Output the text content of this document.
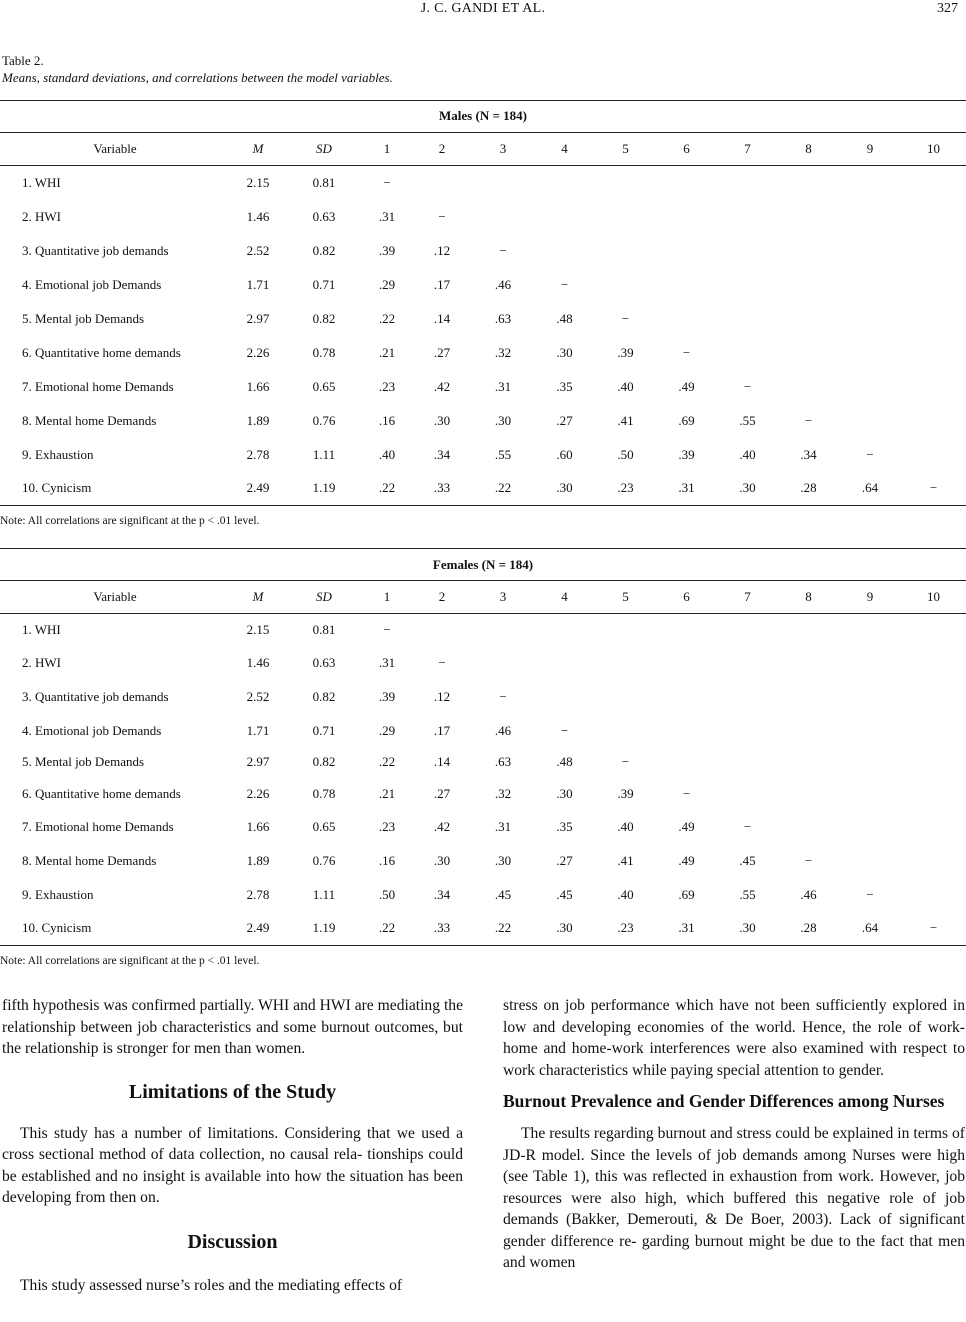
J. C. GANDI ET AL.	327
Table 2.
Means, standard deviations, and correlations between the model variables.
Males (N = 184)
Variable	M	SD	1	2	3	4	5	6	7	8	9	10
1. WHI	2.15	0.81	−									
2. HWI	1.46	0.63	.31	−								
3. Quantitative job demands	2.52	0.82	.39	.12	−							
4. Emotional job Demands	1.71	0.71	.29	.17	.46	−						
5. Mental job Demands	2.97	0.82	.22	.14	.63	.48	−					
6. Quantitative home demands	2.26	0.78	.21	.27	.32	.30	.39	−				
7. Emotional home Demands	1.66	0.65	.23	.42	.31	.35	.40	.49	−			
8. Mental home Demands	1.89	0.76	.16	.30	.30	.27	.41	.69	.55	−		
9. Exhaustion	2.78	1.11	.40	.34	.55	.60	.50	.39	.40	.34	−	
10. Cynicism	2.49	1.19	.22	.33	.22	.30	.23	.31	.30	.28	.64	−
Note: All correlations are significant at the p < .01 level.
Females (N = 184)
Variable	M	SD	1	2	3	4	5	6	7	8	9	10
1. WHI	2.15	0.81	−									
2. HWI	1.46	0.63	.31	−								
3. Quantitative job demands	2.52	0.82	.39	.12	−							
4. Emotional job Demands	1.71	0.71	.29	.17	.46	−						
5. Mental job Demands	2.97	0.82	.22	.14	.63	.48	−					
6. Quantitative home demands	2.26	0.78	.21	.27	.32	.30	.39	−				
7. Emotional home Demands	1.66	0.65	.23	.42	.31	.35	.40	.49	−			
8. Mental home Demands	1.89	0.76	.16	.30	.30	.27	.41	.49	.45	−		
9. Exhaustion	2.78	1.11	.50	.34	.45	.45	.40	.69	.55	.46	−	
10. Cynicism	2.49	1.19	.22	.33	.22	.30	.23	.31	.30	.28	.64	−
Note: All correlations are significant at the p < .01 level.

fifth hypothesis was confirmed partially. WHI and HWI are mediating the relationship between job characteristics and some burnout outcomes, but the relationship is stronger for men than women.

Limitations of the Study

This study has a number of limitations. Considering that we used a cross sectional method of data collection, no causal rela- tionships could be established and no insight is available into how the situation has been developing from then on.

Discussion

This study assessed nurse’s roles and the mediating effects of

stress on job performance which have not been sufficiently explored in low and developing economies of the world. Hence, the role of work-home and home-work interferences were also examined with respect to work characteristics while paying special attention to gender.

Burnout Prevalence and Gender Differences among Nurses

The results regarding burnout and stress could be explained in terms of JD-R model. Since the levels of job demands among Nurses were high (see Table 1), this was reflected in exhaustion from work. However, job resources were also high, which buffered this negative role of job demands (Bakker, Demerouti, & De Boer, 2003). Lack of significant gender difference re- garding burnout might be due to the fact that men and women
